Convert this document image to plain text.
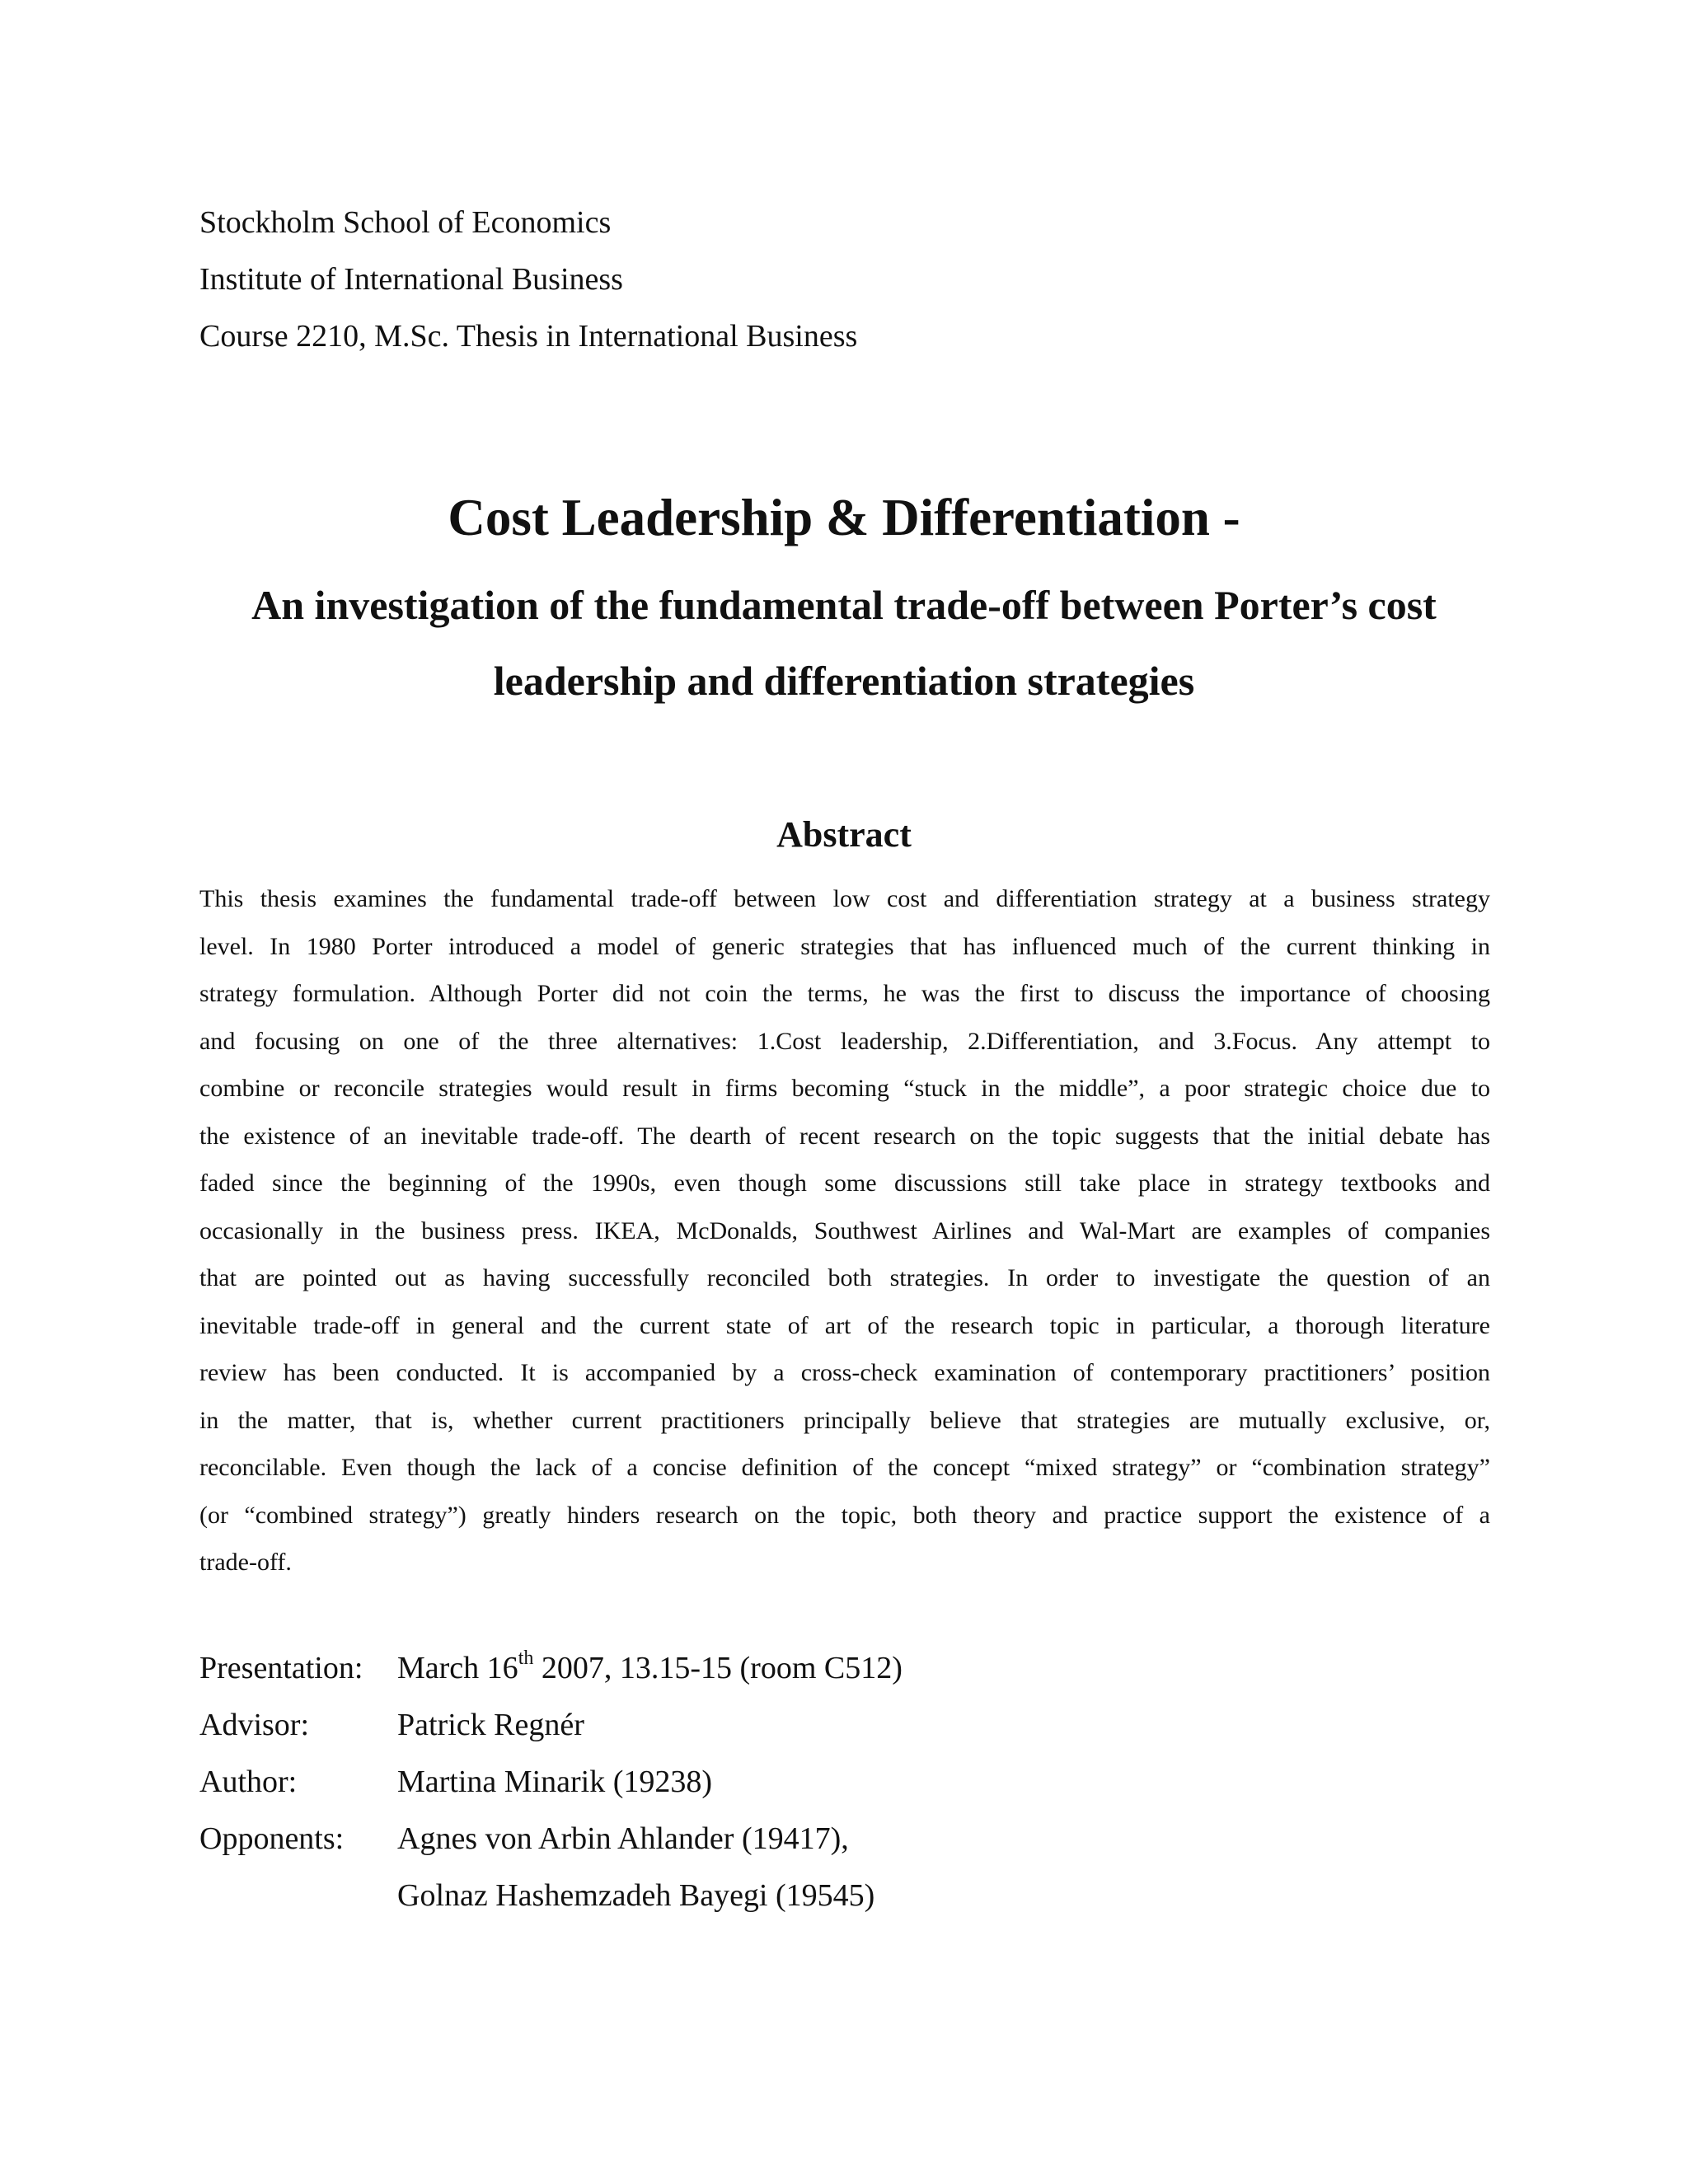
Stockholm School of Economics
Institute of International Business
Course 2210, M.Sc. Thesis in International Business
Cost Leadership & Differentiation -
An investigation of the fundamental trade-off between Porter’s cost
leadership and differentiation strategies
Abstract
This thesis examines the fundamental trade-off between low cost and differentiation strategy at a business strategy
level. In 1980 Porter introduced a model of generic strategies that has influenced much of the current thinking in
strategy formulation. Although Porter did not coin the terms, he was the first to discuss the importance of choosing
and focusing on one of the three alternatives: 1.Cost leadership, 2.Differentiation, and 3.Focus. Any attempt to
combine or reconcile strategies would result in firms becoming “stuck in the middle”, a poor strategic choice due to
the existence of an inevitable trade-off. The dearth of recent research on the topic suggests that the initial debate has
faded since the beginning of the 1990s, even though some discussions still take place in strategy textbooks and
occasionally in the business press. IKEA, McDonalds, Southwest Airlines and Wal-Mart are examples of companies
that are pointed out as having successfully reconciled both strategies. In order to investigate the question of an
inevitable trade-off in general and the current state of art of the research topic in particular, a thorough literature
review has been conducted. It is accompanied by a cross-check examination of contemporary practitioners’ position
in the matter, that is, whether current practitioners principally believe that strategies are mutually exclusive, or,
reconcilable. Even though the lack of a concise definition of the concept “mixed strategy” or “combination strategy”
(or “combined strategy”) greatly hinders research on the topic, both theory and practice support the existence of a
trade-off.
Presentation: March 16th 2007, 13.15-15 (room C512)
Advisor:	Patrick Regnér
Author:	Martina Minarik (19238)
Opponents: Agnes von Arbin Ahlander (19417),
Golnaz Hashemzadeh Bayegi (19545)
